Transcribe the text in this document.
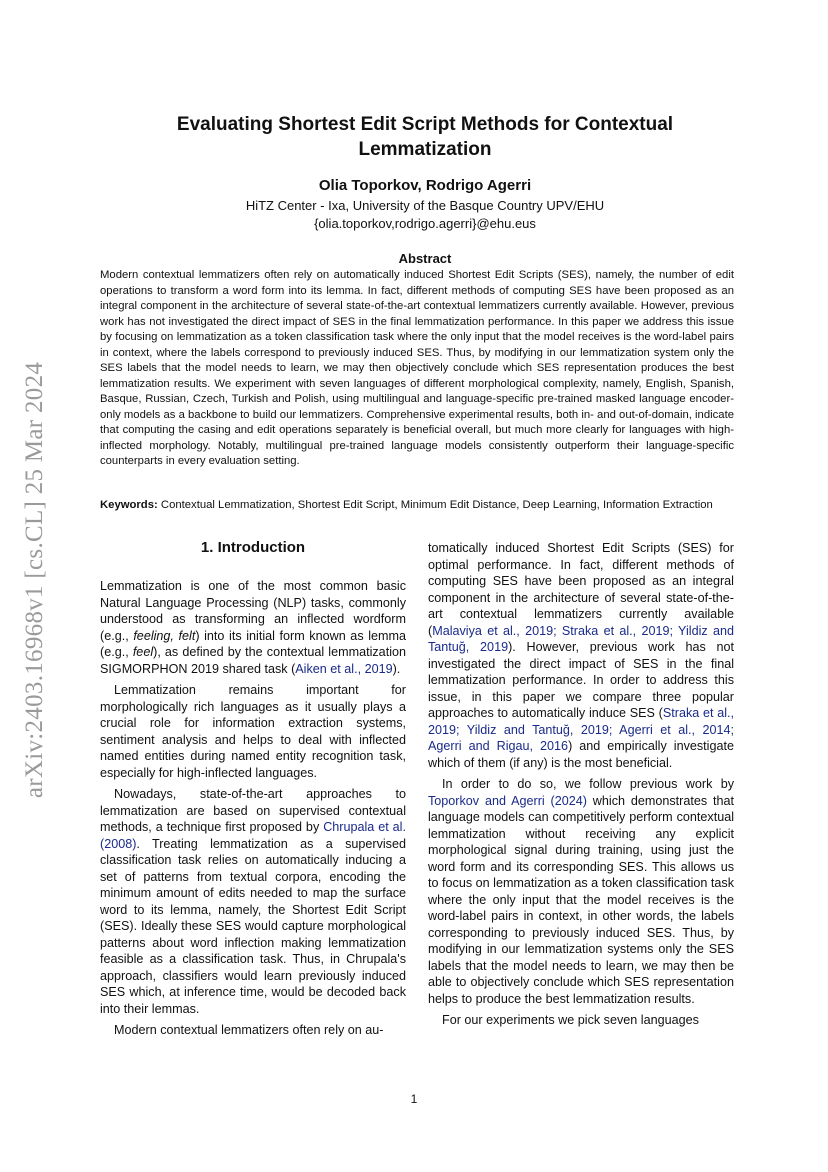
arXiv:2403.16968v1 [cs.CL] 25 Mar 2024
Evaluating Shortest Edit Script Methods for Contextual Lemmatization
Olia Toporkov, Rodrigo Agerri
HiTZ Center - Ixa, University of the Basque Country UPV/EHU
{olia.toporkov,rodrigo.agerri}@ehu.eus
Abstract
Modern contextual lemmatizers often rely on automatically induced Shortest Edit Scripts (SES), namely, the number of edit operations to transform a word form into its lemma. In fact, different methods of computing SES have been proposed as an integral component in the architecture of several state-of-the-art contextual lemmatizers currently available. However, previous work has not investigated the direct impact of SES in the final lemmatization performance. In this paper we address this issue by focusing on lemmatization as a token classification task where the only input that the model receives is the word-label pairs in context, where the labels correspond to previously induced SES. Thus, by modifying in our lemmatization system only the SES labels that the model needs to learn, we may then objectively conclude which SES representation produces the best lemmatization results. We experiment with seven languages of different morphological complexity, namely, English, Spanish, Basque, Russian, Czech, Turkish and Polish, using multilingual and language-specific pre-trained masked language encoder-only models as a backbone to build our lemmatizers. Comprehensive experimental results, both in- and out-of-domain, indicate that computing the casing and edit operations separately is beneficial overall, but much more clearly for languages with high-inflected morphology. Notably, multilingual pre-trained language models consistently outperform their language-specific counterparts in every evaluation setting.
Keywords: Contextual Lemmatization, Shortest Edit Script, Minimum Edit Distance, Deep Learning, Information Extraction
1. Introduction

Lemmatization is one of the most common basic Natural Language Processing (NLP) tasks, commonly understood as transforming an inflected wordform (e.g., feeling, felt) into its initial form known as lemma (e.g., feel), as defined by the contextual lemmatization SIGMORPHON 2019 shared task (Aiken et al., 2019).

Lemmatization remains important for morphologically rich languages as it usually plays a crucial role for information extraction systems, sentiment analysis and helps to deal with inflected named entities during named entity recognition task, especially for high-inflected languages.

Nowadays, state-of-the-art approaches to lemmatization are based on supervised contextual methods, a technique first proposed by Chrupala et al. (2008). Treating lemmatization as a supervised classification task relies on automatically inducing a set of patterns from textual corpora, encoding the minimum amount of edits needed to map the surface word to its lemma, namely, the Shortest Edit Script (SES). Ideally these SES would capture morphological patterns about word inflection making lemmatization feasible as a classification task. Thus, in Chrupala's approach, classifiers would learn previously induced SES which, at inference time, would be decoded back into their lemmas.

Modern contextual lemmatizers often rely on au-

tomatically induced Shortest Edit Scripts (SES) for optimal performance. In fact, different methods of computing SES have been proposed as an integral component in the architecture of several state-of-the-art contextual lemmatizers currently available (Malaviya et al., 2019; Straka et al., 2019; Yildiz and Tantuğ, 2019). However, previous work has not investigated the direct impact of SES in the final lemmatization performance. In order to address this issue, in this paper we compare three popular approaches to automatically induce SES (Straka et al., 2019; Yildiz and Tantuğ, 2019; Agerri et al., 2014; Agerri and Rigau, 2016) and empirically investigate which of them (if any) is the most beneficial.

In order to do so, we follow previous work by Toporkov and Agerri (2024) which demonstrates that language models can competitively perform contextual lemmatization without receiving any explicit morphological signal during training, using just the word form and its corresponding SES. This allows us to focus on lemmatization as a token classification task where the only input that the model receives is the word-label pairs in context, in other words, the labels corresponding to previously induced SES. Thus, by modifying in our lemmatization systems only the SES labels that the model needs to learn, we may then be able to objectively conclude which SES representation helps to produce the best lemmatization results.

For our experiments we pick seven languages

1
